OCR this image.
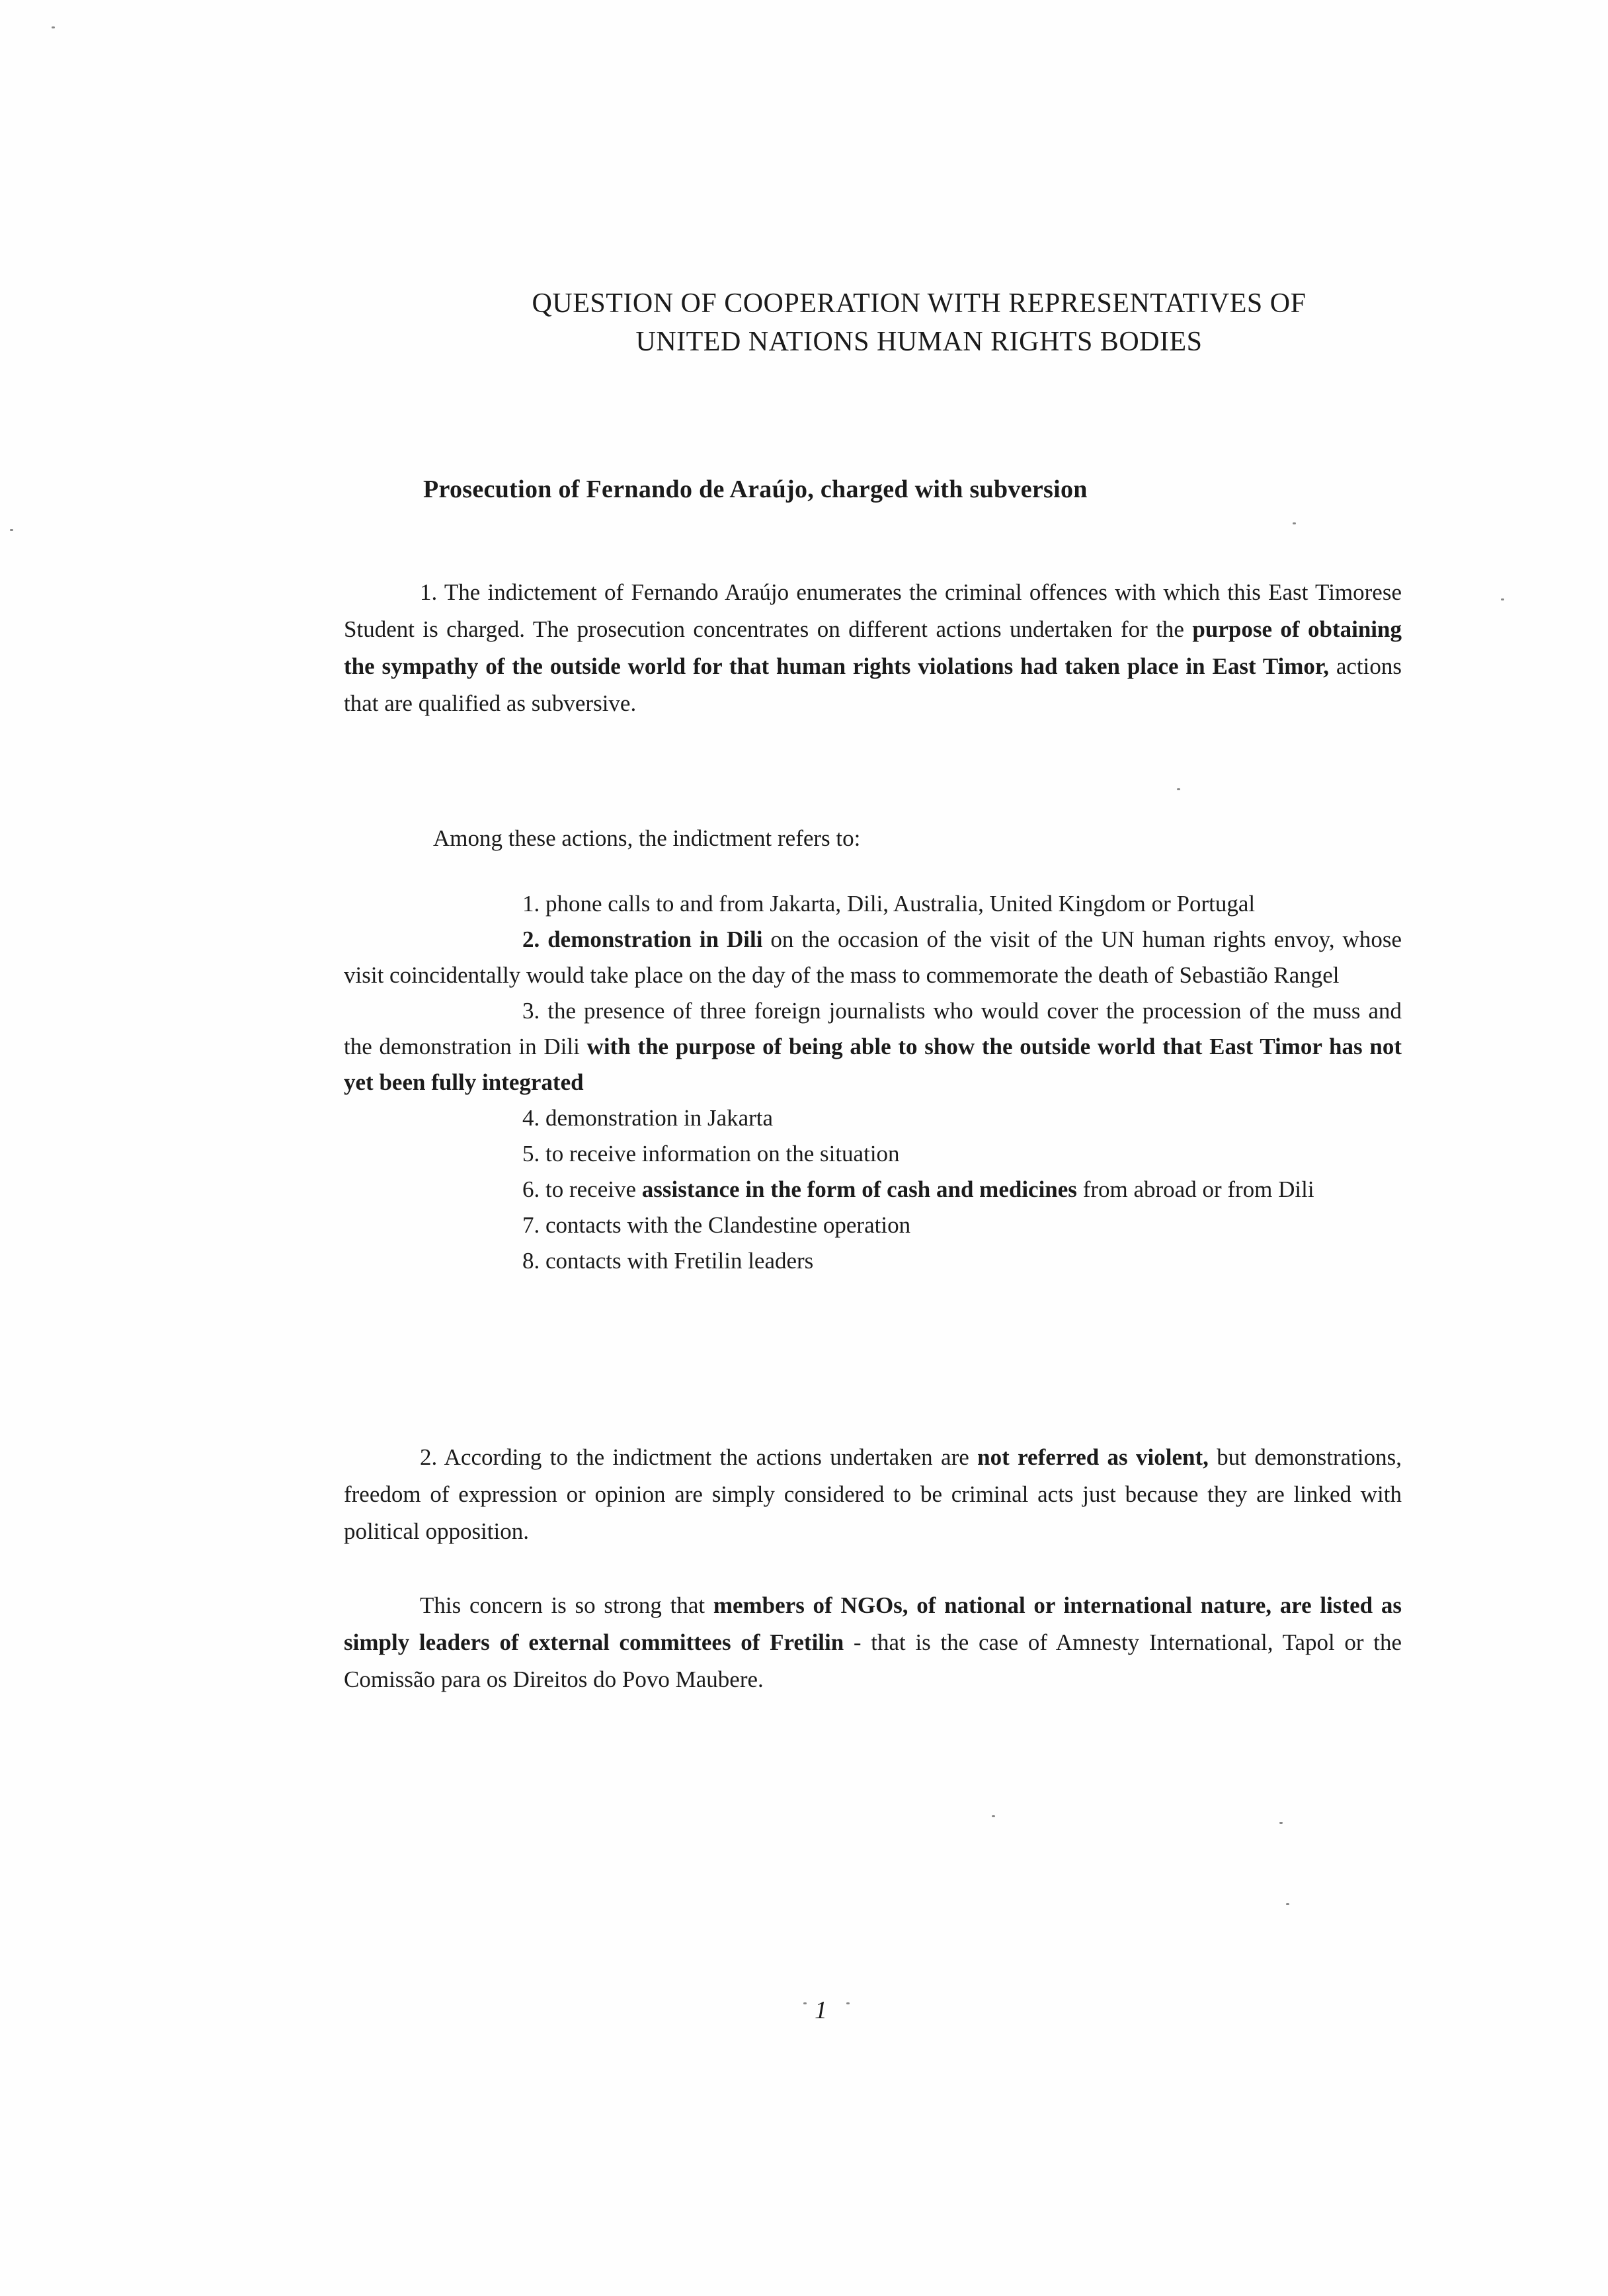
QUESTION OF COOPERATION WITH REPRESENTATIVES OF
UNITED NATIONS HUMAN RIGHTS BODIES
Prosecution of Fernando de Araújo, charged with subversion

1. The indictement of Fernando Araújo enumerates the criminal offences with which this East Timorese Student is charged. The prosecution concentrates on different actions undertaken for the purpose of obtaining the sympathy of the outside world for that human rights violations had taken place in East Timor, actions that are qualified as subversive.

Among these actions, the indictment refers to:

1. phone calls to and from Jakarta, Dili, Australia, United Kingdom or Portugal

2. demonstration in Dili on the occasion of the visit of the UN human rights envoy, whose visit coincidentally would take place on the day of the mass to commemorate the death of Sebastião Rangel

3. the presence of three foreign journalists who would cover the procession of the muss and the demonstration in Dili with the purpose of being able to show the outside world that East Timor has not yet been fully integrated

4. demonstration in Jakarta

5. to receive information on the situation

6. to receive assistance in the form of cash and medicines from abroad or from Dili

7. contacts with the Clandestine operation

8. contacts with Fretilin leaders

2. According to the indictment the actions undertaken are not referred as violent, but demonstrations, freedom of expression or opinion are simply considered to be criminal acts just because they are linked with political opposition.

This concern is so strong that members of NGOs, of national or international nature, are listed as simply leaders of external committees of Fretilin - that is the case of Amnesty International, Tapol or the Comissão para os Direitos do Povo Maubere.

1
